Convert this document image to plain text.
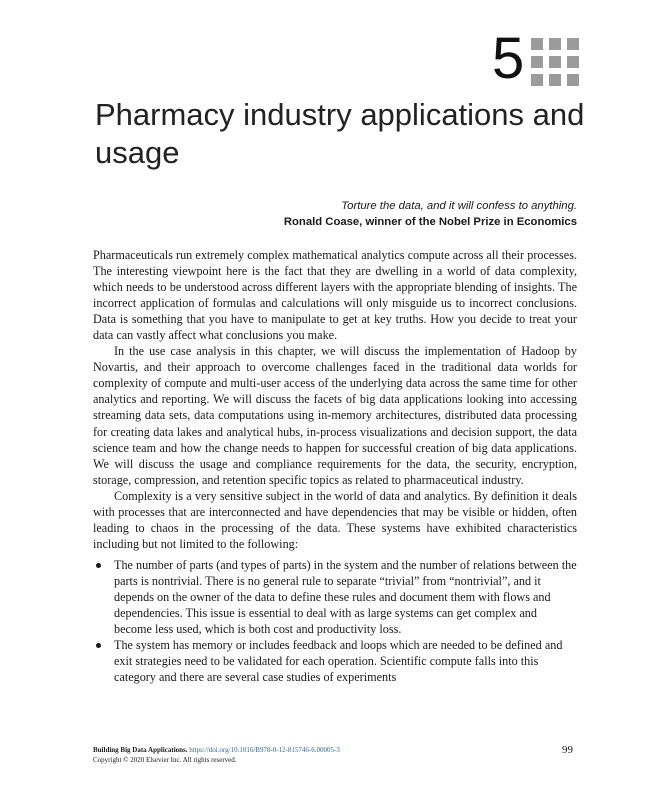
5
Pharmacy industry applications and usage
Torture the data, and it will confess to anything.
Ronald Coase, winner of the Nobel Prize in Economics

Pharmaceuticals run extremely complex mathematical analytics compute across all their processes. The interesting viewpoint here is the fact that they are dwelling in a world of data complexity, which needs to be understood across different layers with the appropriate blending of insights. The incorrect application of formulas and calculations will only misguide us to incorrect conclusions. Data is something that you have to manipulate to get at key truths. How you decide to treat your data can vastly affect what conclusions you make.

In the use case analysis in this chapter, we will discuss the implementation of Hadoop by Novartis, and their approach to overcome challenges faced in the traditional data worlds for complexity of compute and multi-user access of the underlying data across the same time for other analytics and reporting. We will discuss the facets of big data applications looking into accessing streaming data sets, data computations using in-memory architectures, distributed data processing for creating data lakes and analytical hubs, in-process visualizations and decision support, the data science team and how the change needs to happen for successful creation of big data applications. We will discuss the usage and compliance requirements for the data, the security, encryption, storage, compression, and retention specific topics as related to pharmaceutical industry.

Complexity is a very sensitive subject in the world of data and analytics. By definition it deals with processes that are interconnected and have dependencies that may be visible or hidden, often leading to chaos in the processing of the data. These systems have exhibited characteristics including but not limited to the following:

The number of parts (and types of parts) in the system and the number of relations between the parts is nontrivial. There is no general rule to separate “trivial” from “nontrivial”, and it depends on the owner of the data to define these rules and document them with flows and dependencies. This issue is essential to deal with as large systems can get complex and become less used, which is both cost and productivity loss.
The system has memory or includes feedback and loops which are needed to be defined and exit strategies need to be validated for each operation. Scientific compute falls into this category and there are several case studies of experiments
Building Big Data Applications. https://doi.org/10.1016/B978-0-12-815746-6.00005-3
Copyright © 2020 Elsevier Inc. All rights reserved.
99
